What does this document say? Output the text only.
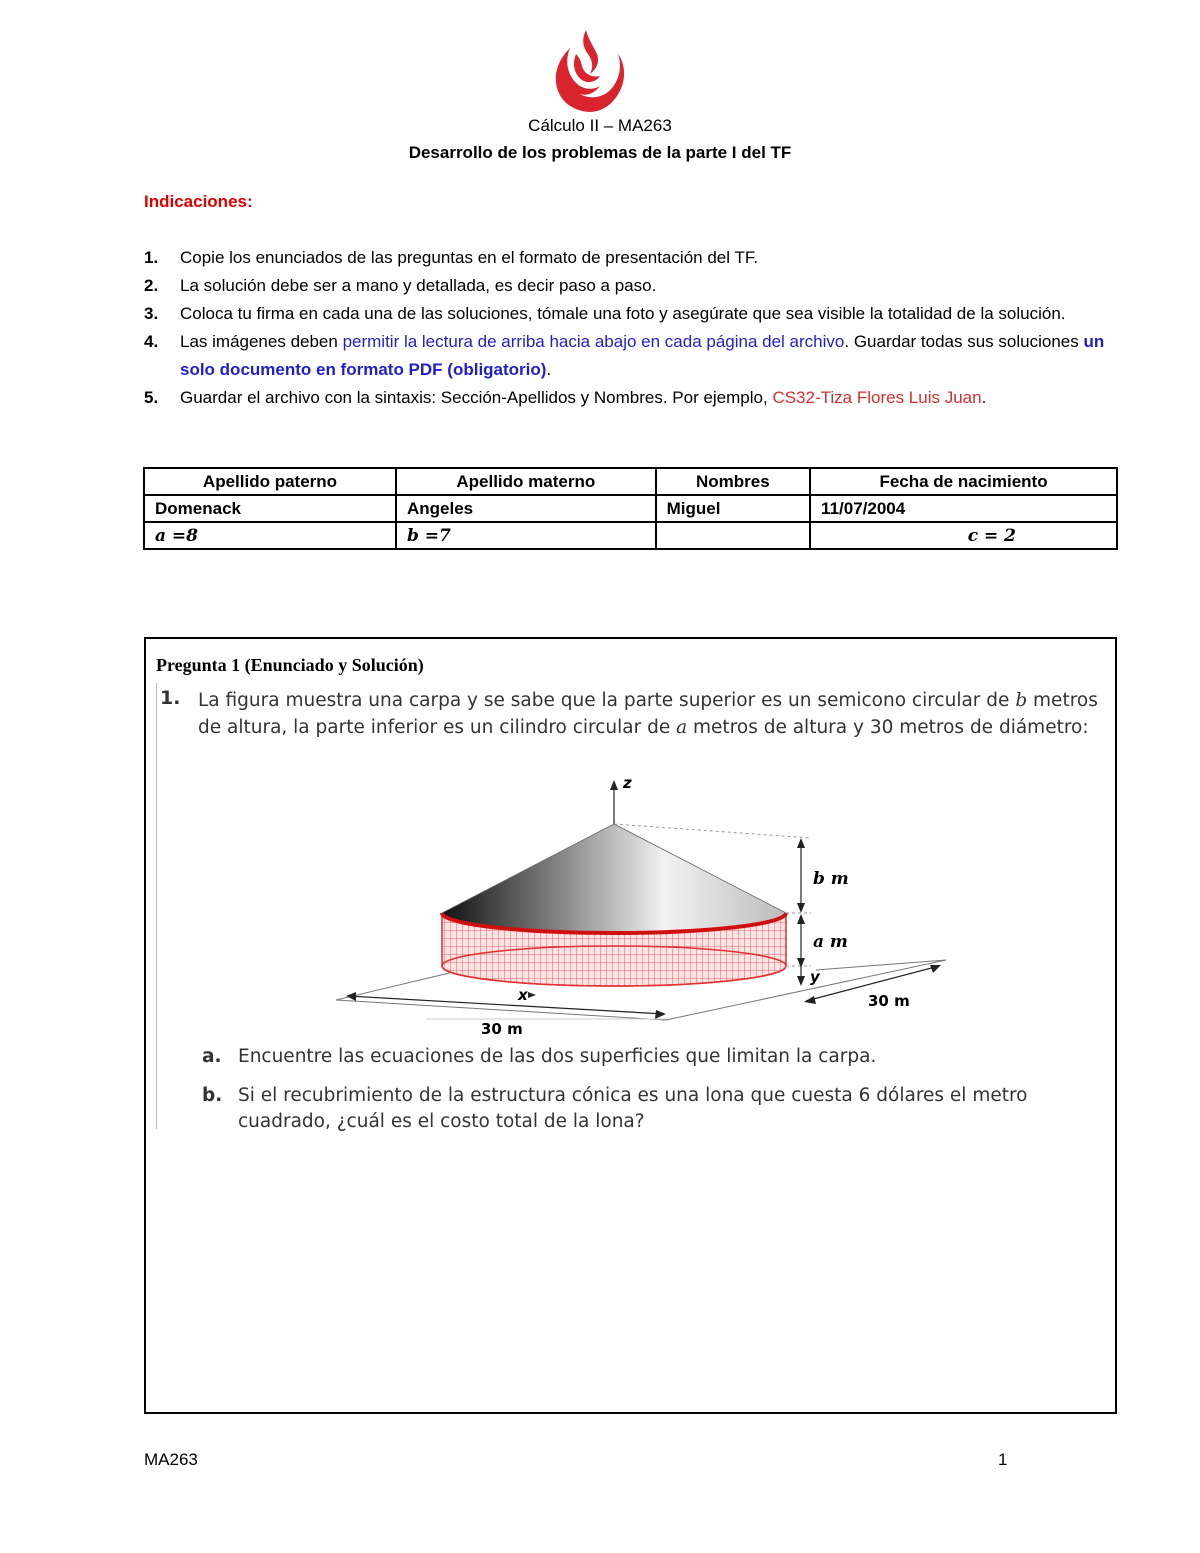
Cálculo II – MA263
Desarrollo de los problemas de la parte I del TF
Indicaciones:
1. Copie los enunciados de las preguntas en el formato de presentación del TF.
2. La solución debe ser a mano y detallada, es decir paso a paso.
3. Coloca tu firma en cada una de las soluciones, tómale una foto y asegúrate que sea visible la totalidad de la solución.
4. Las imágenes deben permitir la lectura de arriba hacia abajo en cada página del archivo. Guardar todas sus soluciones un solo documento en formato PDF (obligatorio).
5. Guardar el archivo con la sintaxis: Sección-Apellidos y Nombres. Por ejemplo, CS32-Tiza Flores Luis Juan.
Apellido paterno	Apellido materno	Nombres	Fecha de nacimiento
Domenack	Angeles	Miguel	11/07/2004
a =8	b =7		c = 2
Pregunta 1 (Enunciado y Solución)
1. La figura muestra una carpa y se sabe que la parte superior es un semicono circular de b metros de altura, la parte inferior es un cilindro circular de a metros de altura y 30 metros de diámetro:
z
b m
a m
y
x
30 m
30 m
a. Encuentre las ecuaciones de las dos superficies que limitan la carpa.
b. Si el recubrimiento de la estructura cónica es una lona que cuesta 6 dólares el metro cuadrado, ¿cuál es el costo total de la lona?
MA263	1
